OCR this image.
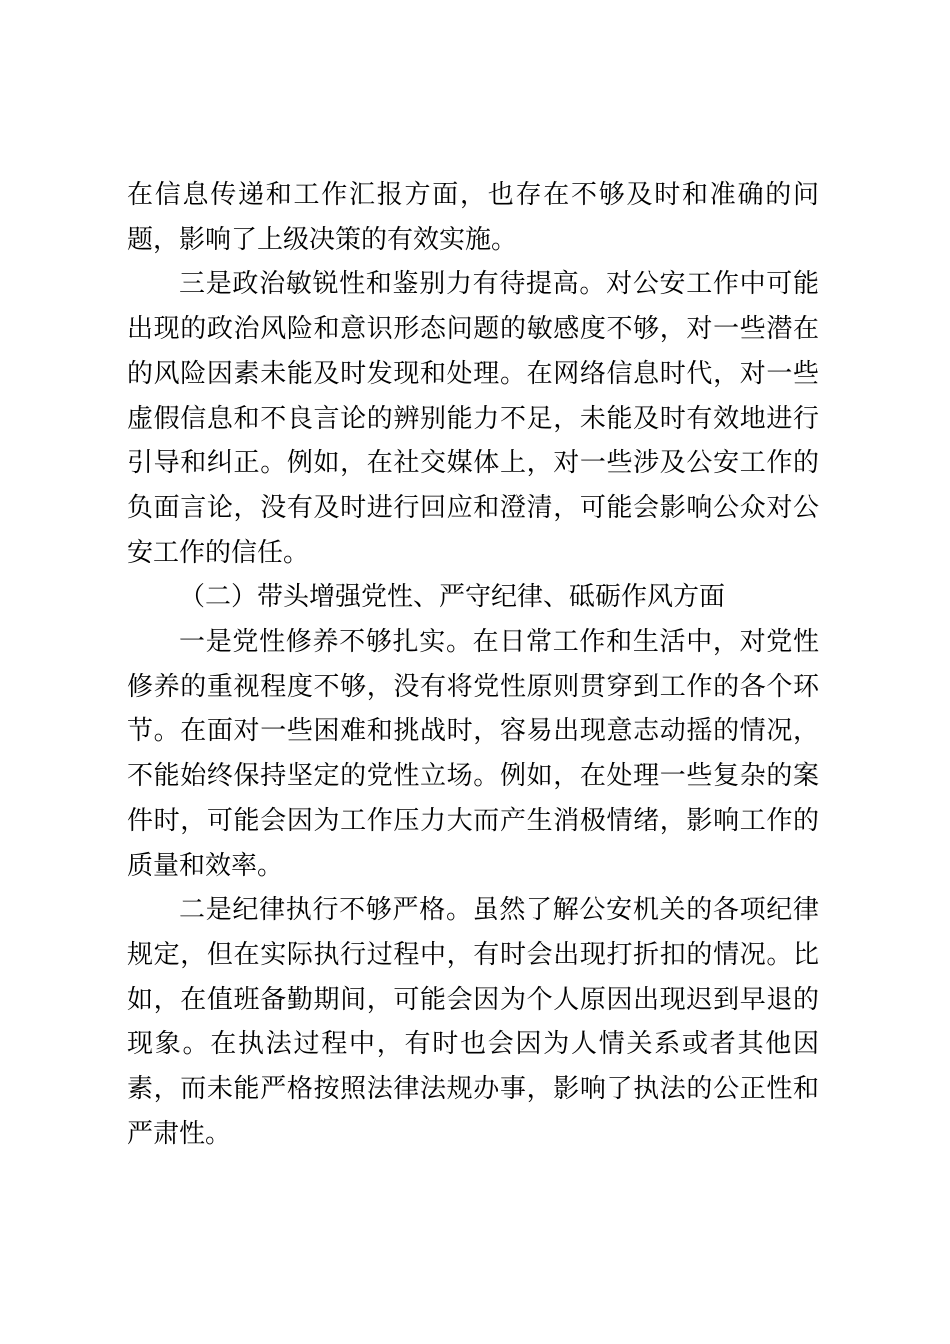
在信息传递和工作汇报方面，也存在不够及时和准确的问题，影响了上级决策的有效实施。

三是政治敏锐性和鉴别力有待提高。对公安工作中可能出现的政治风险和意识形态问题的敏感度不够，对一些潜在的风险因素未能及时发现和处理。在网络信息时代，对一些虚假信息和不良言论的辨别能力不足，未能及时有效地进行引导和纠正。例如，在社交媒体上，对一些涉及公安工作的负面言论，没有及时进行回应和澄清，可能会影响公众对公安工作的信任。

（二）带头增强党性、严守纪律、砥砺作风方面

一是党性修养不够扎实。在日常工作和生活中，对党性修养的重视程度不够，没有将党性原则贯穿到工作的各个环节。在面对一些困难和挑战时，容易出现意志动摇的情况，不能始终保持坚定的党性立场。例如，在处理一些复杂的案件时，可能会因为工作压力大而产生消极情绪，影响工作的质量和效率。

二是纪律执行不够严格。虽然了解公安机关的各项纪律规定，但在实际执行过程中，有时会出现打折扣的情况。比如，在值班备勤期间，可能会因为个人原因出现迟到早退的现象。在执法过程中，有时也会因为人情关系或者其他因素，而未能严格按照法律法规办事，影响了执法的公正性和严肃性。
